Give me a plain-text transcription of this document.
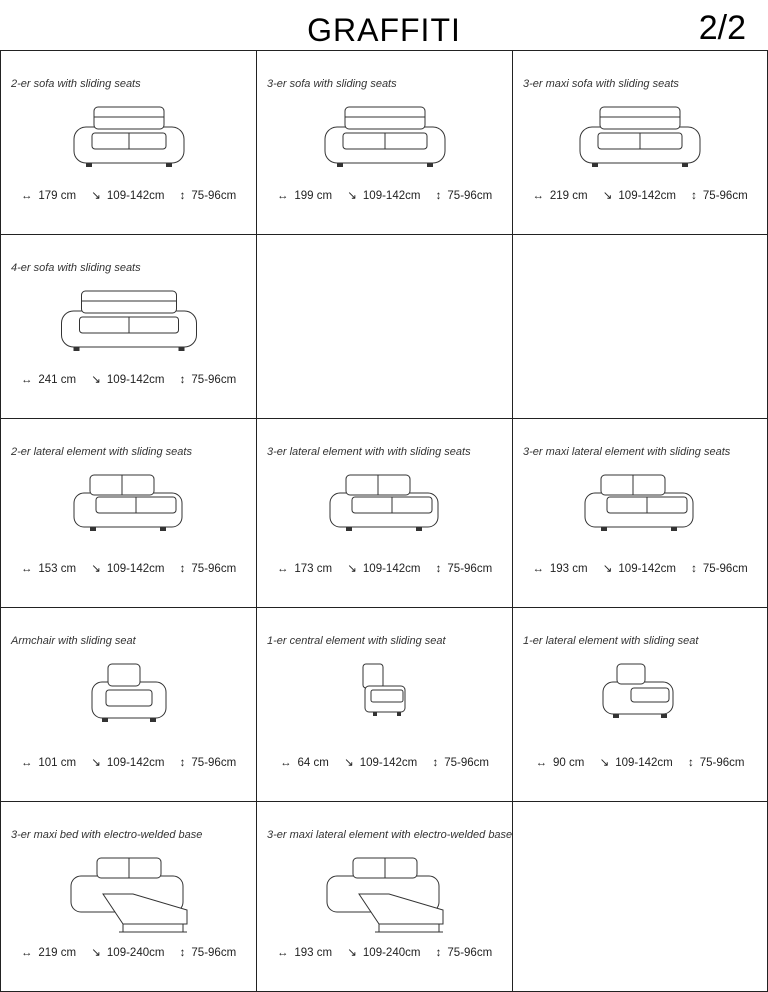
GRAFFITI	2/2
2-er sofa with sliding seats
↔ 179 cm ↘ 109-142cm ↕ 75-96cm
3-er sofa with sliding seats
↔ 199 cm ↘ 109-142cm ↕ 75-96cm
3-er maxi sofa with sliding seats
↔ 219 cm ↘ 109-142cm ↕ 75-96cm
4-er sofa with sliding seats
↔ 241 cm ↘ 109-142cm ↕ 75-96cm
2-er lateral element with sliding seats
↔ 153 cm ↘ 109-142cm ↕ 75-96cm
3-er lateral element with with sliding seats
↔ 173 cm ↘ 109-142cm ↕ 75-96cm
3-er maxi lateral element with sliding seats
↔ 193 cm ↘ 109-142cm ↕ 75-96cm
Armchair with sliding seat
↔ 101 cm ↘ 109-142cm ↕ 75-96cm
1-er central element with sliding seat
↔ 64 cm ↘ 109-142cm ↕ 75-96cm
1-er lateral element with sliding seat
↔ 90 cm ↘ 109-142cm ↕ 75-96cm
3-er maxi bed with electro-welded base
↔ 219 cm ↘ 109-240cm ↕ 75-96cm
3-er maxi lateral element with electro-welded base
↔ 193 cm ↘ 109-240cm ↕ 75-96cm
